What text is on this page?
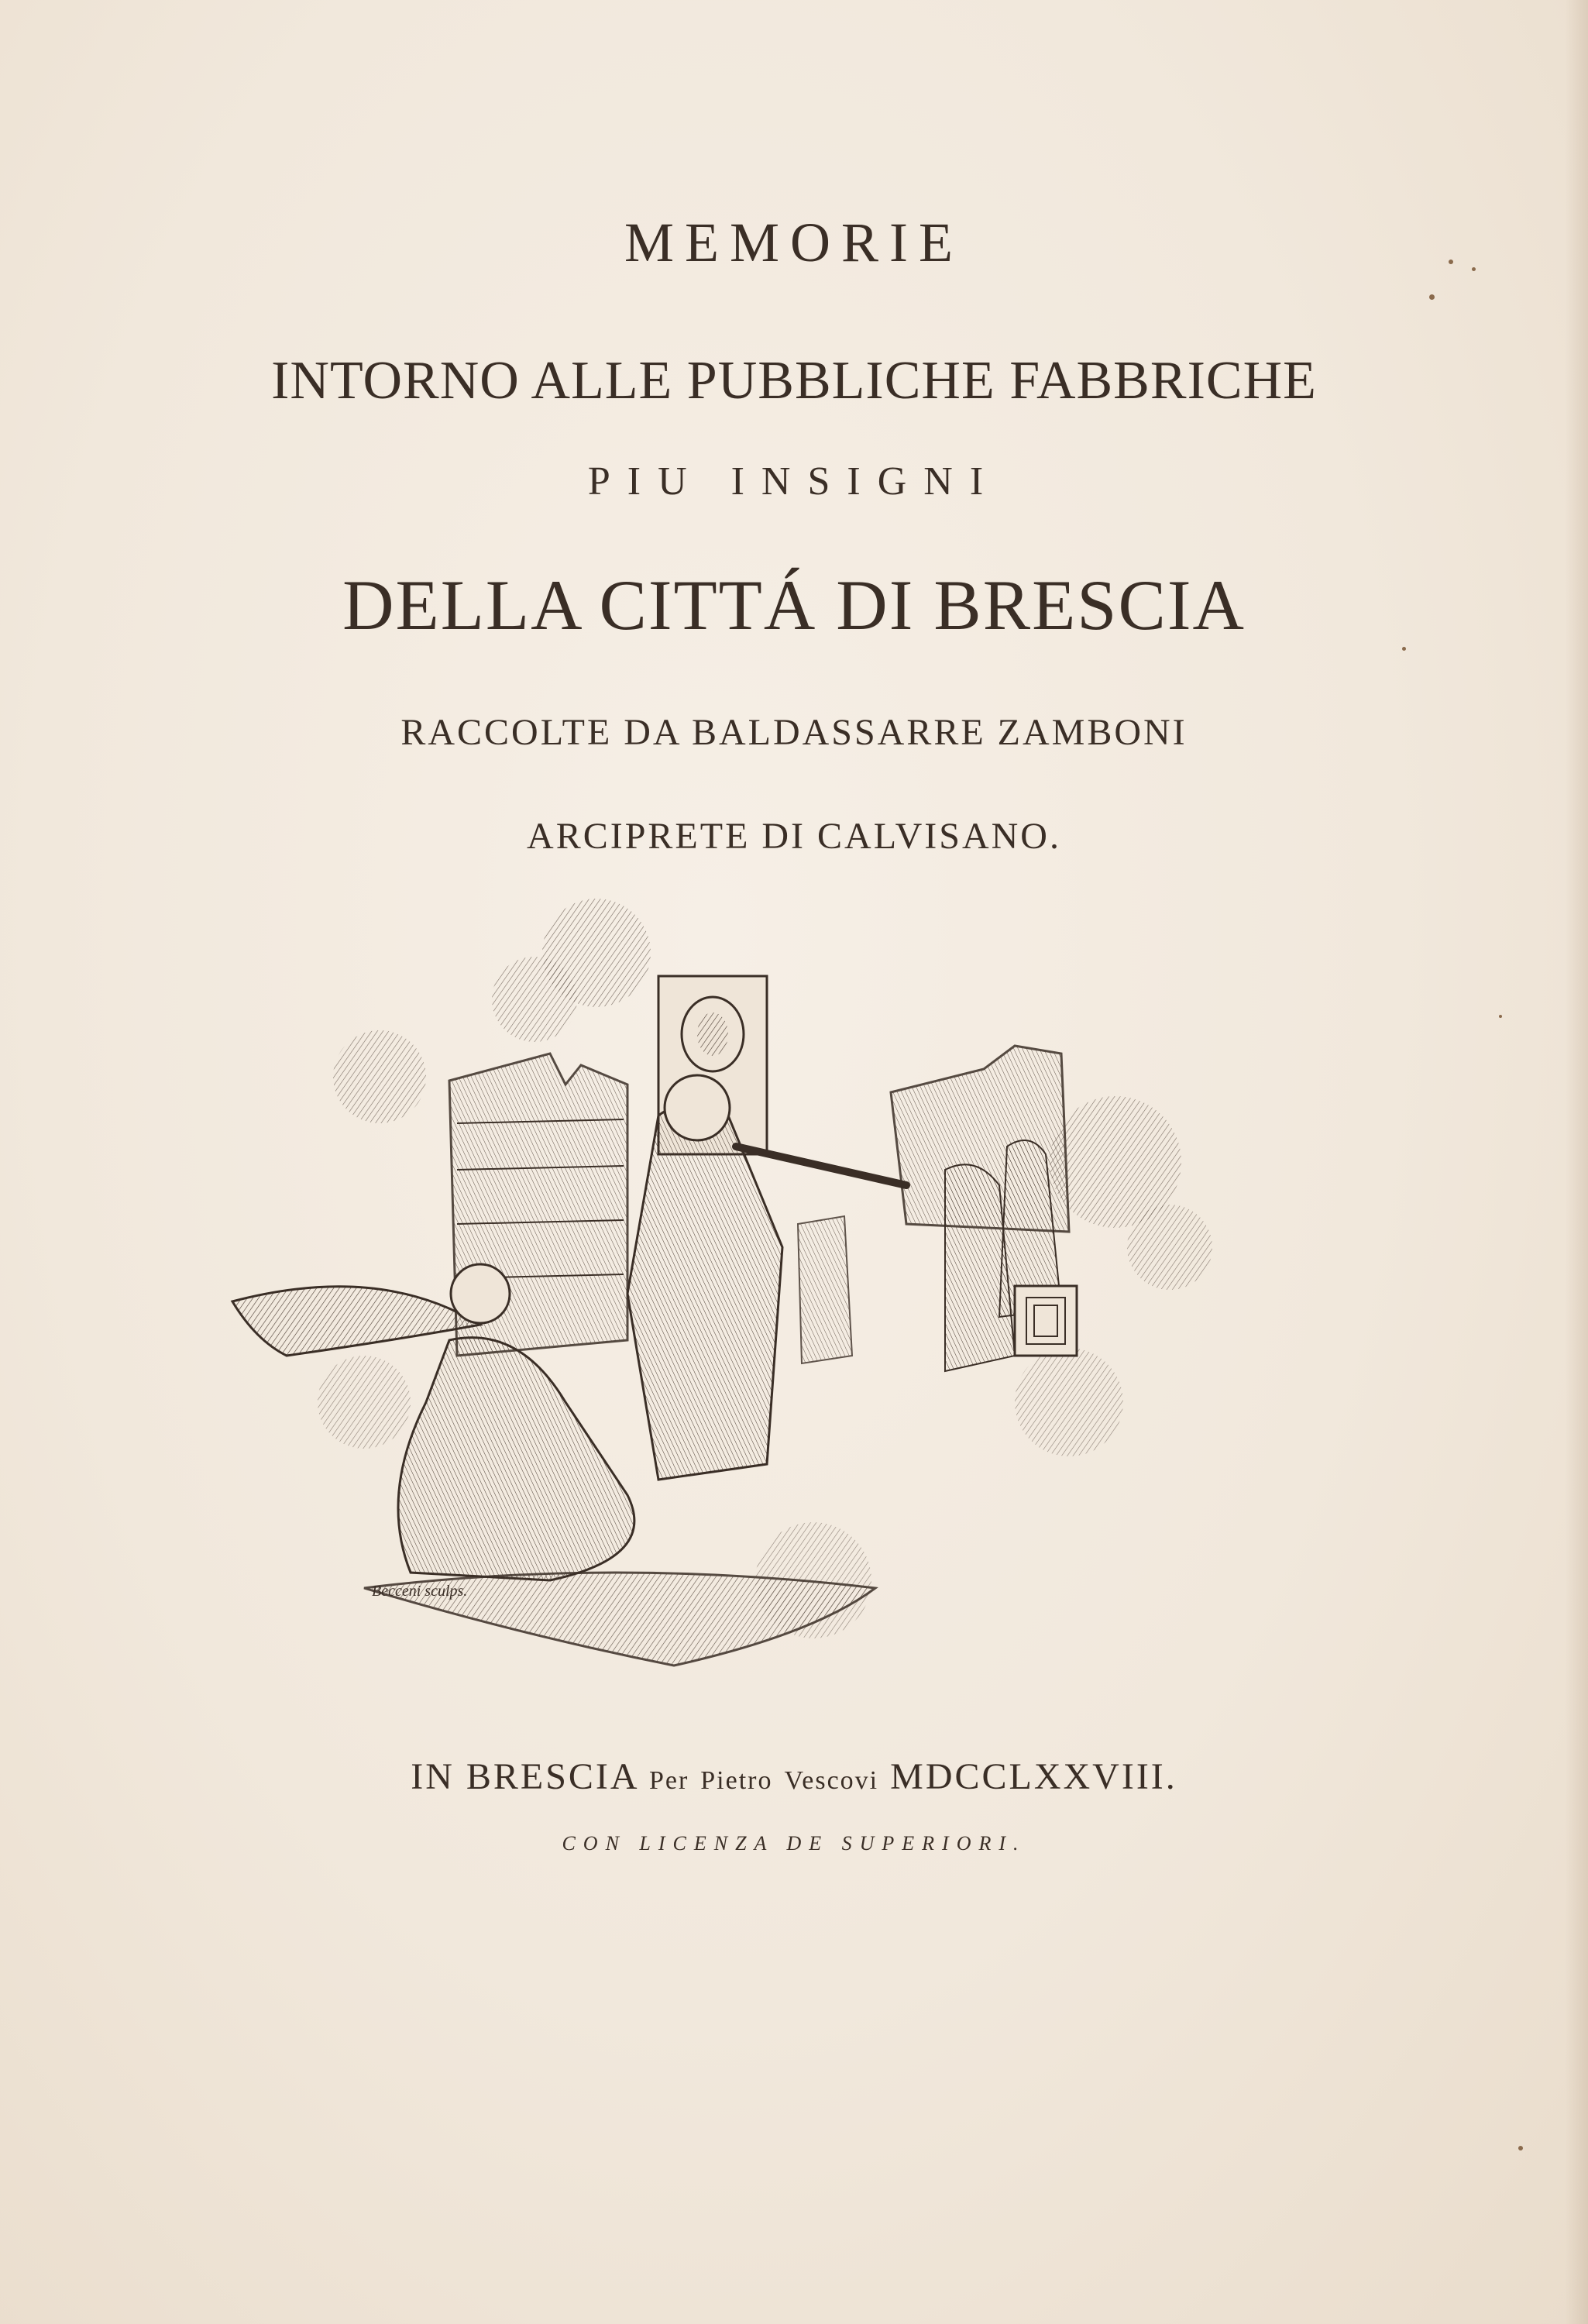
MEMORIE
INTORNO ALLE PUBBLICHE FABBRICHE
PIU INSIGNI
DELLA CITTÁ DI BRESCIA
RACCOLTE DA BALDASSARRE ZAMBONI
ARCIPRETE DI CALVISANO.
Becceni sculps.
IN BRESCIA Per Pietro Vescovi MDCCLXXVIII.
CON LICENZA DE SUPERIORI.
